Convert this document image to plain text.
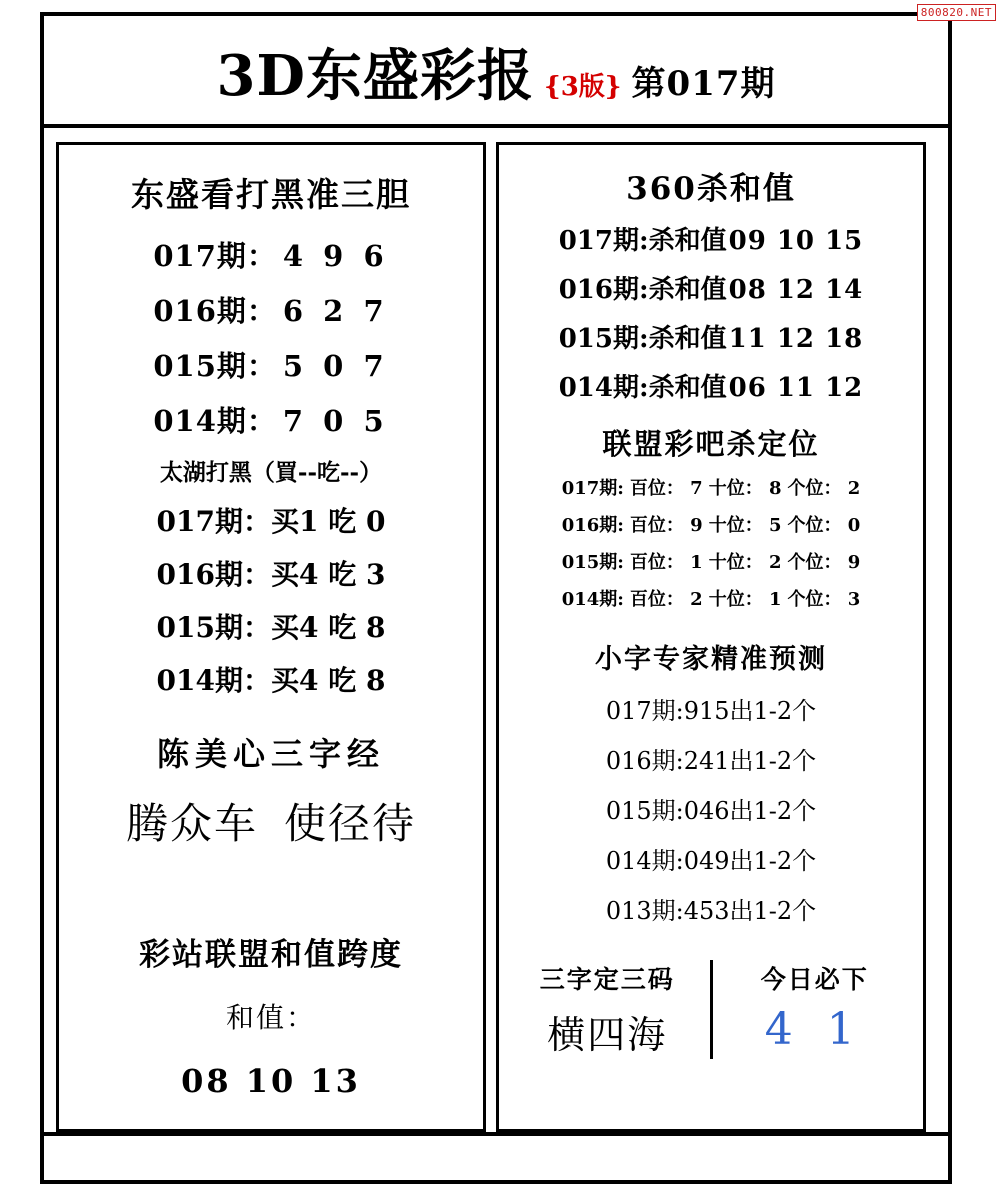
800820.NET
3D东盛彩报 {3版} 第017期
东盛看打黑准三胆
017期： 4 9 6
016期： 6 2 7
015期： 5 0 7
014期： 7 0 5
太湖打黑（買--吃--）
017期：买1 吃 0
016期：买4 吃 3
015期：买4 吃 8
014期：买4 吃 8
陈美心三字经
腾众车 使径待
彩站联盟和值跨度
和值：
08 10 13
360杀和值
017期:杀和值09 10 15
016期:杀和值08 12 14
015期:杀和值11 12 18
014期:杀和值06 11 12
联盟彩吧杀定位
017期: 百位： 7 十位： 8 个位： 2
016期: 百位： 9 十位： 5 个位： 0
015期: 百位： 1 十位： 2 个位： 9
014期: 百位： 2 十位： 1 个位： 3
小字专家精准预测
017期:915出1-2个
016期:241出1-2个
015期:046出1-2个
014期:049出1-2个
013期:453出1-2个
三字定三码
横四海
今日必下
4 1
